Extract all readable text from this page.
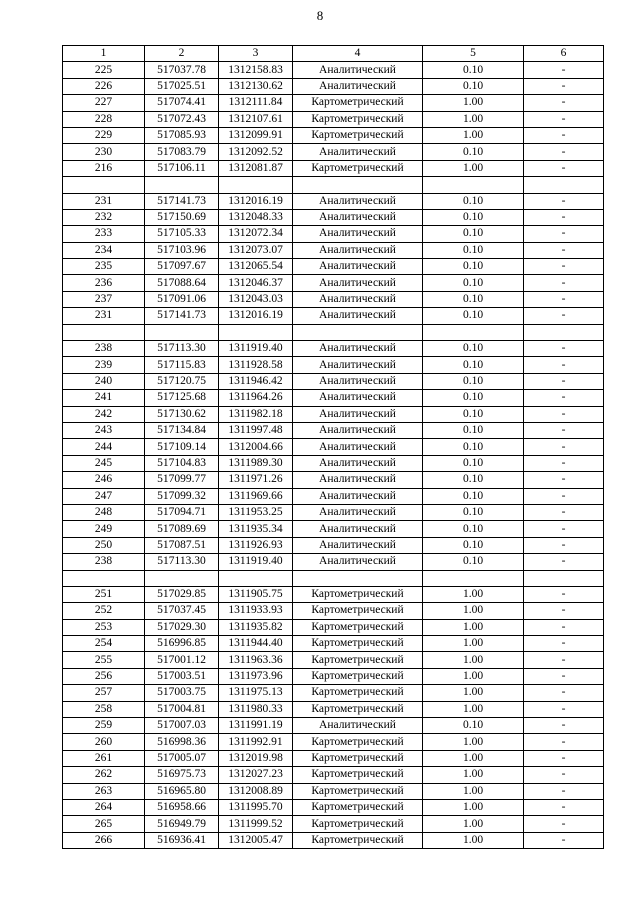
8
1	2	3	4	5	6
225	517037.78	1312158.83	Аналитический	0.10	-
226	517025.51	1312130.62	Аналитический	0.10	-
227	517074.41	1312111.84	Картометрический	1.00	-
228	517072.43	1312107.61	Картометрический	1.00	-
229	517085.93	1312099.91	Картометрический	1.00	-
230	517083.79	1312092.52	Аналитический	0.10	-
216	517106.11	1312081.87	Картометрический	1.00	-

231	517141.73	1312016.19	Аналитический	0.10	-
232	517150.69	1312048.33	Аналитический	0.10	-
233	517105.33	1312072.34	Аналитический	0.10	-
234	517103.96	1312073.07	Аналитический	0.10	-
235	517097.67	1312065.54	Аналитический	0.10	-
236	517088.64	1312046.37	Аналитический	0.10	-
237	517091.06	1312043.03	Аналитический	0.10	-
231	517141.73	1312016.19	Аналитический	0.10	-

238	517113.30	1311919.40	Аналитический	0.10	-
239	517115.83	1311928.58	Аналитический	0.10	-
240	517120.75	1311946.42	Аналитический	0.10	-
241	517125.68	1311964.26	Аналитический	0.10	-
242	517130.62	1311982.18	Аналитический	0.10	-
243	517134.84	1311997.48	Аналитический	0.10	-
244	517109.14	1312004.66	Аналитический	0.10	-
245	517104.83	1311989.30	Аналитический	0.10	-
246	517099.77	1311971.26	Аналитический	0.10	-
247	517099.32	1311969.66	Аналитический	0.10	-
248	517094.71	1311953.25	Аналитический	0.10	-
249	517089.69	1311935.34	Аналитический	0.10	-
250	517087.51	1311926.93	Аналитический	0.10	-
238	517113.30	1311919.40	Аналитический	0.10	-

251	517029.85	1311905.75	Картометрический	1.00	-
252	517037.45	1311933.93	Картометрический	1.00	-
253	517029.30	1311935.82	Картометрический	1.00	-
254	516996.85	1311944.40	Картометрический	1.00	-
255	517001.12	1311963.36	Картометрический	1.00	-
256	517003.51	1311973.96	Картометрический	1.00	-
257	517003.75	1311975.13	Картометрический	1.00	-
258	517004.81	1311980.33	Картометрический	1.00	-
259	517007.03	1311991.19	Аналитический	0.10	-
260	516998.36	1311992.91	Картометрический	1.00	-
261	517005.07	1312019.98	Картометрический	1.00	-
262	516975.73	1312027.23	Картометрический	1.00	-
263	516965.80	1312008.89	Картометрический	1.00	-
264	516958.66	1311995.70	Картометрический	1.00	-
265	516949.79	1311999.52	Картометрический	1.00	-
266	516936.41	1312005.47	Картометрический	1.00	-
